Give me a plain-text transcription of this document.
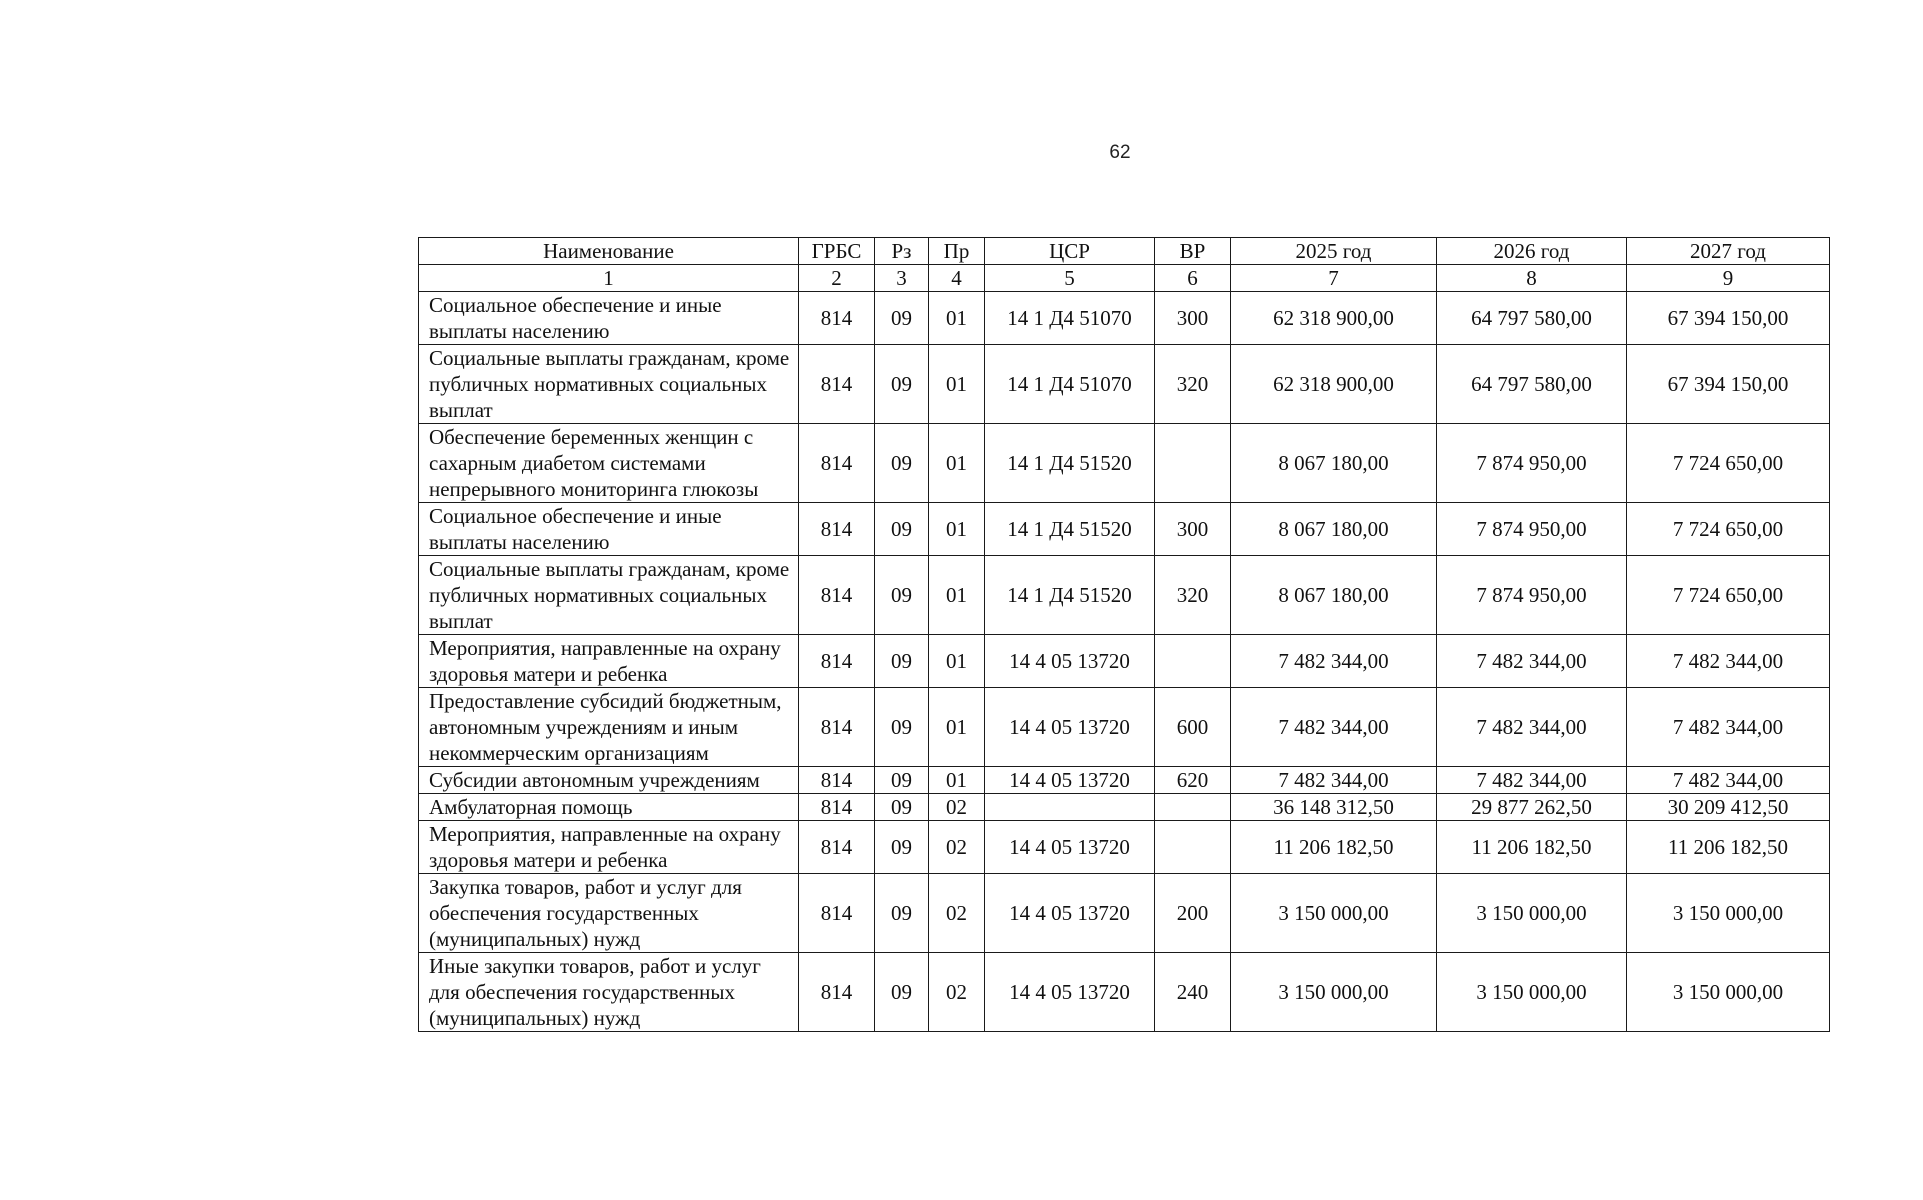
62
Наименование	ГРБС	Рз	Пр	ЦСР	ВР	2025 год	2026 год	2027 год
1	2	3	4	5	6	7	8	9
Социальное обеспечение и иные выплаты населению	814	09	01	14 1 Д4 51070	300	62 318 900,00	64 797 580,00	67 394 150,00
Социальные выплаты гражданам, кроме публичных нормативных социальных выплат	814	09	01	14 1 Д4 51070	320	62 318 900,00	64 797 580,00	67 394 150,00
Обеспечение беременных женщин с сахарным диабетом системами непрерывного мониторинга глюкозы	814	09	01	14 1 Д4 51520		8 067 180,00	7 874 950,00	7 724 650,00
Социальное обеспечение и иные выплаты населению	814	09	01	14 1 Д4 51520	300	8 067 180,00	7 874 950,00	7 724 650,00
Социальные выплаты гражданам, кроме публичных нормативных социальных выплат	814	09	01	14 1 Д4 51520	320	8 067 180,00	7 874 950,00	7 724 650,00
Мероприятия, направленные на охрану здоровья матери и ребенка	814	09	01	14 4 05 13720		7 482 344,00	7 482 344,00	7 482 344,00
Предоставление субсидий бюджетным, автономным учреждениям и иным некоммерческим организациям	814	09	01	14 4 05 13720	600	7 482 344,00	7 482 344,00	7 482 344,00
Субсидии автономным учреждениям	814	09	01	14 4 05 13720	620	7 482 344,00	7 482 344,00	7 482 344,00
Амбулаторная помощь	814	09	02			36 148 312,50	29 877 262,50	30 209 412,50
Мероприятия, направленные на охрану здоровья матери и ребенка	814	09	02	14 4 05 13720		11 206 182,50	11 206 182,50	11 206 182,50
Закупка товаров, работ и услуг для обеспечения государственных (муниципальных) нужд	814	09	02	14 4 05 13720	200	3 150 000,00	3 150 000,00	3 150 000,00
Иные закупки товаров, работ и услуг для обеспечения государственных (муниципальных) нужд	814	09	02	14 4 05 13720	240	3 150 000,00	3 150 000,00	3 150 000,00
